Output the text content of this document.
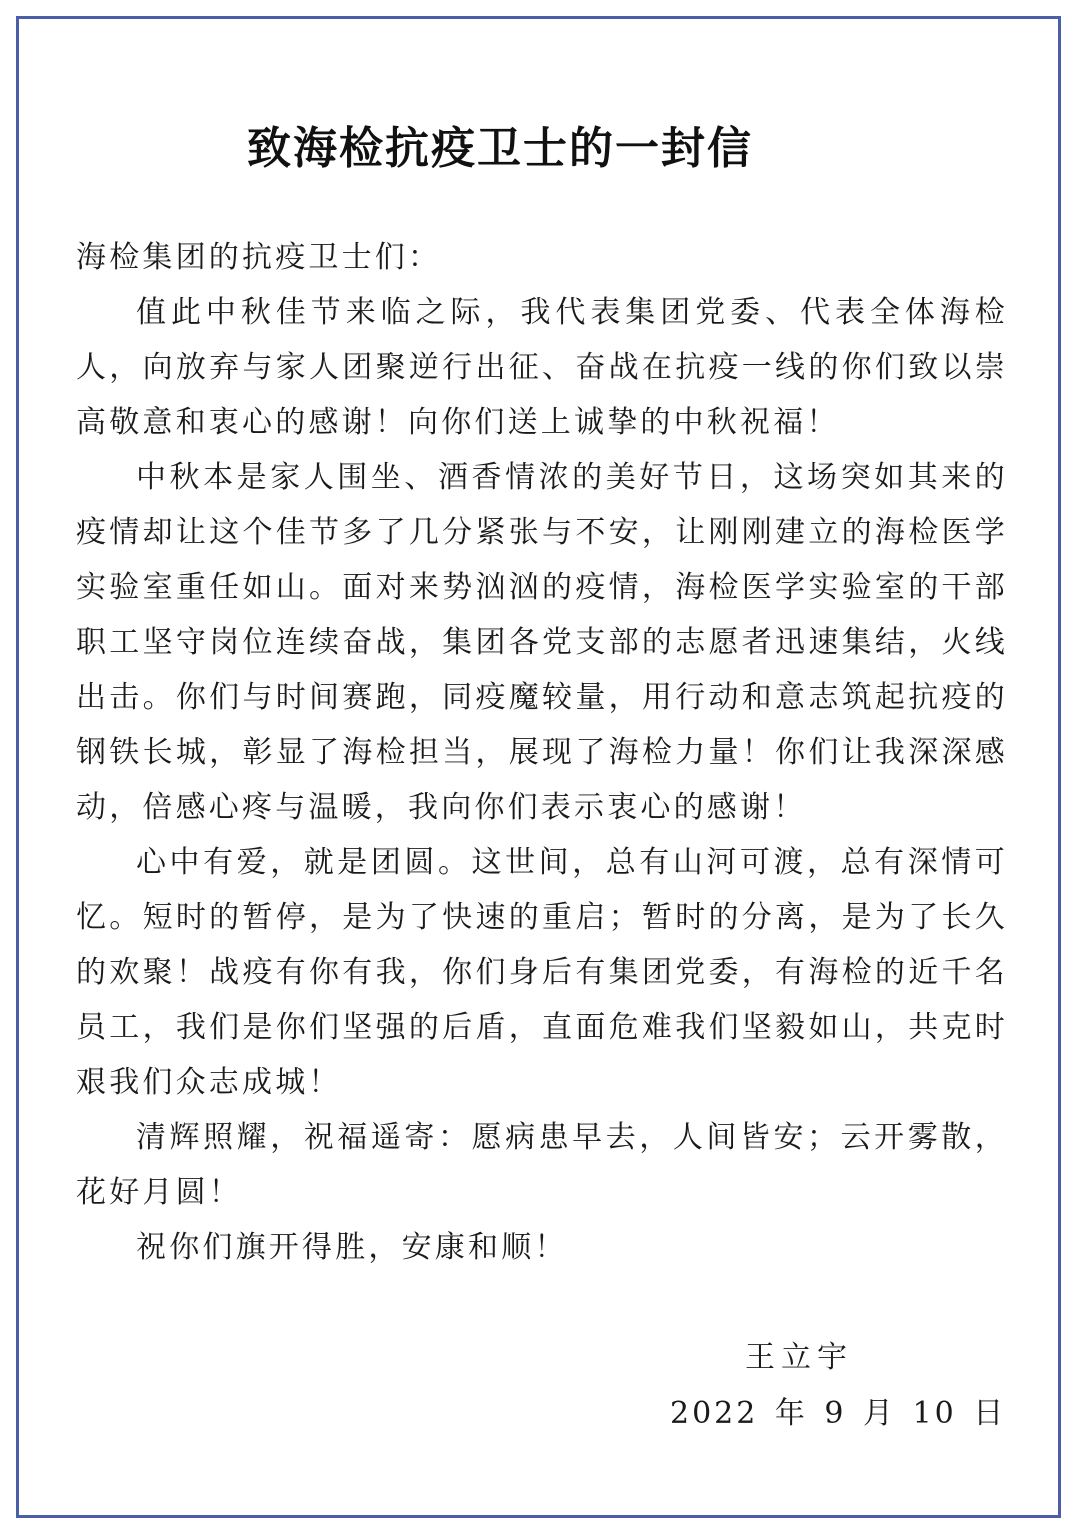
致海检抗疫卫士的一封信

海检集团的抗疫卫士们：

值此中秋佳节来临之际，我代表集团党委、代表全体海检人，向放弃与家人团聚逆行出征、奋战在抗疫一线的你们致以崇高敬意和衷心的感谢！向你们送上诚挚的中秋祝福！

中秋本是家人围坐、酒香情浓的美好节日，这场突如其来的疫情却让这个佳节多了几分紧张与不安，让刚刚建立的海检医学实验室重任如山。面对来势汹汹的疫情，海检医学实验室的干部职工坚守岗位连续奋战，集团各党支部的志愿者迅速集结，火线出击。你们与时间赛跑，同疫魔较量，用行动和意志筑起抗疫的钢铁长城，彰显了海检担当，展现了海检力量！你们让我深深感动，倍感心疼与温暖，我向你们表示衷心的感谢！

心中有爱，就是团圆。这世间，总有山河可渡，总有深情可忆。短时的暂停，是为了快速的重启；暂时的分离，是为了长久的欢聚！战疫有你有我，你们身后有集团党委，有海检的近千名员工，我们是你们坚强的后盾，直面危难我们坚毅如山，共克时艰我们众志成城！

清辉照耀，祝福遥寄：愿病患早去，人间皆安；云开雾散，花好月圆！

祝你们旗开得胜，安康和顺！

王立宇
2022 年 9 月 10 日
